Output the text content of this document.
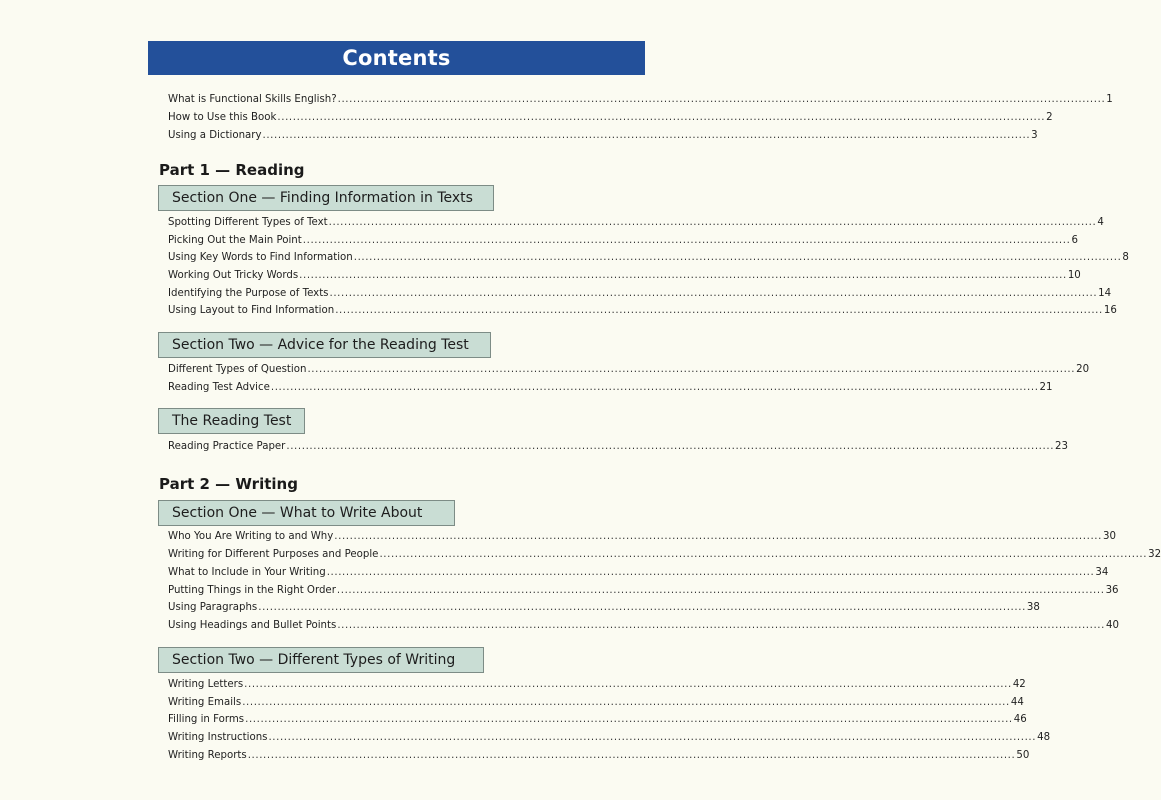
Contents
What is Functional Skills English? ........................................................................................................................................................................................................ 1
How to Use this Book ........................................................................................................................................................................................................ 2
Using a Dictionary ........................................................................................................................................................................................................ 3
Part 1 — Reading
Section One — Finding Information in Texts
Spotting Different Types of Text ........................................................................................................................................................................................................ 4
Picking Out the Main Point ........................................................................................................................................................................................................ 6
Using Key Words to Find Information ........................................................................................................................................................................................................ 8
Working Out Tricky Words ........................................................................................................................................................................................................ 10
Identifying the Purpose of Texts ........................................................................................................................................................................................................ 14
Using Layout to Find Information ........................................................................................................................................................................................................ 16
Section Two — Advice for the Reading Test
Different Types of Question ........................................................................................................................................................................................................ 20
Reading Test Advice ........................................................................................................................................................................................................ 21
The Reading Test
Reading Practice Paper ........................................................................................................................................................................................................ 23
Part 2 — Writing
Section One — What to Write About
Who You Are Writing to and Why ........................................................................................................................................................................................................ 30
Writing for Different Purposes and People ........................................................................................................................................................................................................ 32
What to Include in Your Writing ........................................................................................................................................................................................................ 34
Putting Things in the Right Order ........................................................................................................................................................................................................ 36
Using Paragraphs ........................................................................................................................................................................................................ 38
Using Headings and Bullet Points ........................................................................................................................................................................................................ 40
Section Two — Different Types of Writing
Writing Letters ........................................................................................................................................................................................................ 42
Writing Emails ........................................................................................................................................................................................................ 44
Filling in Forms ........................................................................................................................................................................................................ 46
Writing Instructions ........................................................................................................................................................................................................ 48
Writing Reports ........................................................................................................................................................................................................ 50
